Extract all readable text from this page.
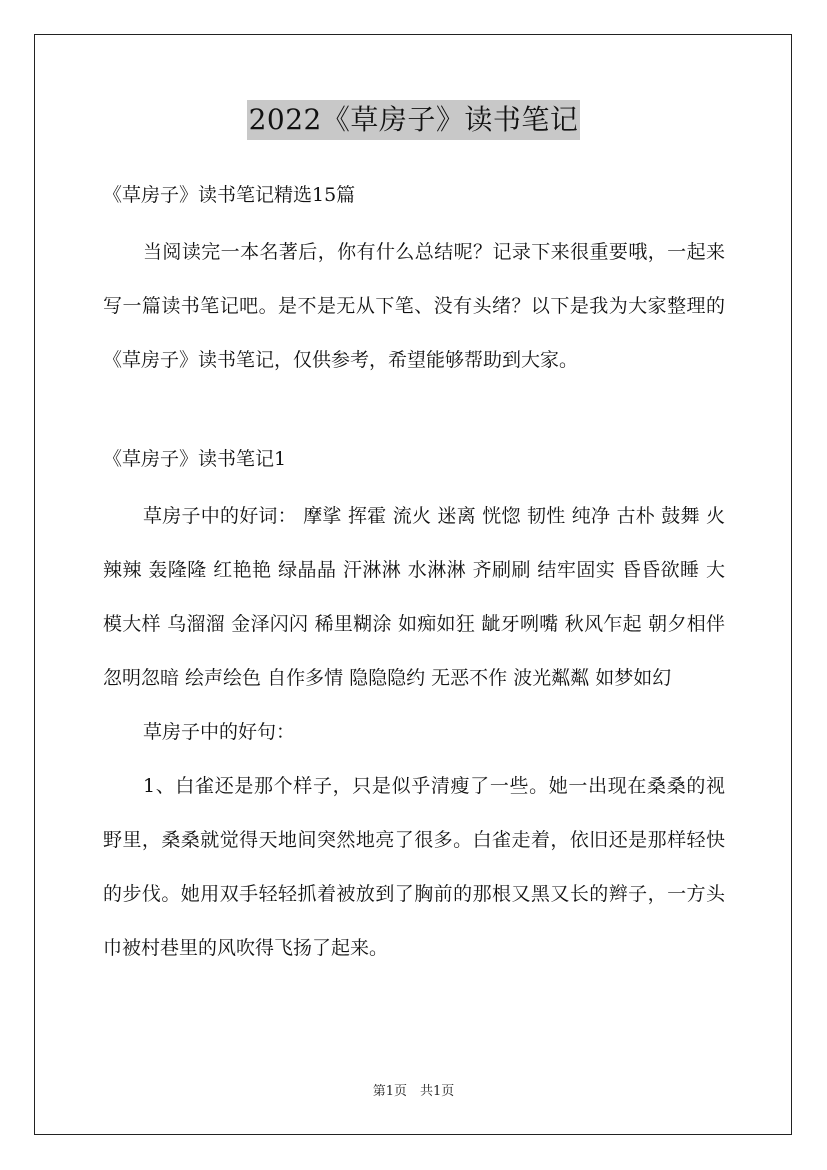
2022《草房子》读书笔记

《草房子》读书笔记精选15篇

当阅读完一本名著后，你有什么总结呢？记录下来很重要哦，一起来写一篇读书笔记吧。是不是无从下笔、没有头绪？以下是我为大家整理的《草房子》读书笔记，仅供参考，希望能够帮助到大家。

《草房子》读书笔记1

草房子中的好词： 摩挲 挥霍 流火 迷离 恍惚 韧性 纯净 古朴 鼓舞 火辣辣 轰隆隆 红艳艳 绿晶晶 汗淋淋 水淋淋 齐刷刷 结牢固实 昏昏欲睡 大模大样 乌溜溜 金泽闪闪 稀里糊涂 如痴如狂 龇牙咧嘴 秋风乍起 朝夕相伴 忽明忽暗 绘声绘色 自作多情 隐隐隐约 无恶不作 波光粼粼 如梦如幻

草房子中的好句：

1、白雀还是那个样子，只是似乎清瘦了一些。她一出现在桑桑的视野里，桑桑就觉得天地间突然地亮了很多。白雀走着，依旧还是那样轻快的步伐。她用双手轻轻抓着被放到了胸前的那根又黑又长的辫子，一方头巾被村巷里的风吹得飞扬了起来。

第1页　共1页
